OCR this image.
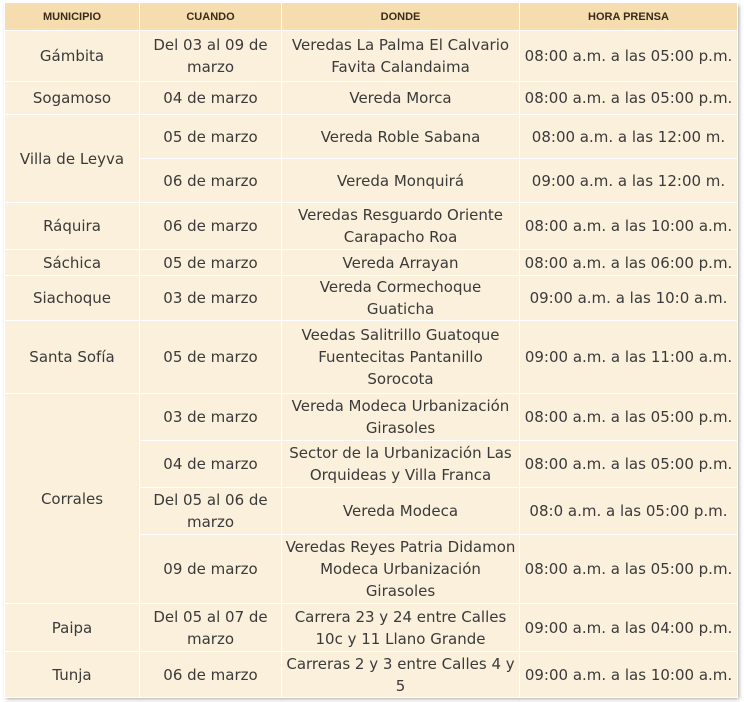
MUNICIPIO	CUANDO	DONDE	HORA PRENSA
Gámbita	Del 03 al 09 de marzo	Veredas La Palma El Calvario Favita Calandaima	08:00 a.m. a las 05:00 p.m.
Sogamoso	04 de marzo	Vereda Morca	08:00 a.m. a las 05:00 p.m.
Villa de Leyva	05 de marzo	Vereda Roble Sabana	08:00 a.m. a las 12:00 m.
	06 de marzo	Vereda Monquirá	09:00 a.m. a las 12:00 m.
Ráquira	06 de marzo	Veredas Resguardo Oriente Carapacho Roa	08:00 a.m. a las 10:00 a.m.
Sáchica	05 de marzo	Vereda Arrayan	08:00 a.m. a las 06:00 p.m.
Siachoque	03 de marzo	Vereda Cormechoque Guaticha	09:00 a.m. a las 10:0 a.m.
Santa Sofía	05 de marzo	Veedas Salitrillo Guatoque Fuentecitas Pantanillo Sorocota	09:00 a.m. a las 11:00 a.m.
Corrales	03 de marzo	Vereda Modeca Urbanización Girasoles	08:00 a.m. a las 05:00 p.m.
	04 de marzo	Sector de la Urbanización Las Orquideas y Villa Franca	08:00 a.m. a las 05:00 p.m.
	Del 05 al 06 de marzo	Vereda Modeca	08:0 a.m. a las 05:00 p.m.
	09 de marzo	Veredas Reyes Patria Didamon Modeca Urbanización Girasoles	08:00 a.m. a las 05:00 p.m.
Paipa	Del 05 al 07 de marzo	Carrera 23 y 24 entre Calles 10c y 11 Llano Grande	09:00 a.m. a las 04:00 p.m.
Tunja	06 de marzo	Carreras 2 y 3 entre Calles 4 y 5	09:00 a.m. a las 10:00 a.m.
